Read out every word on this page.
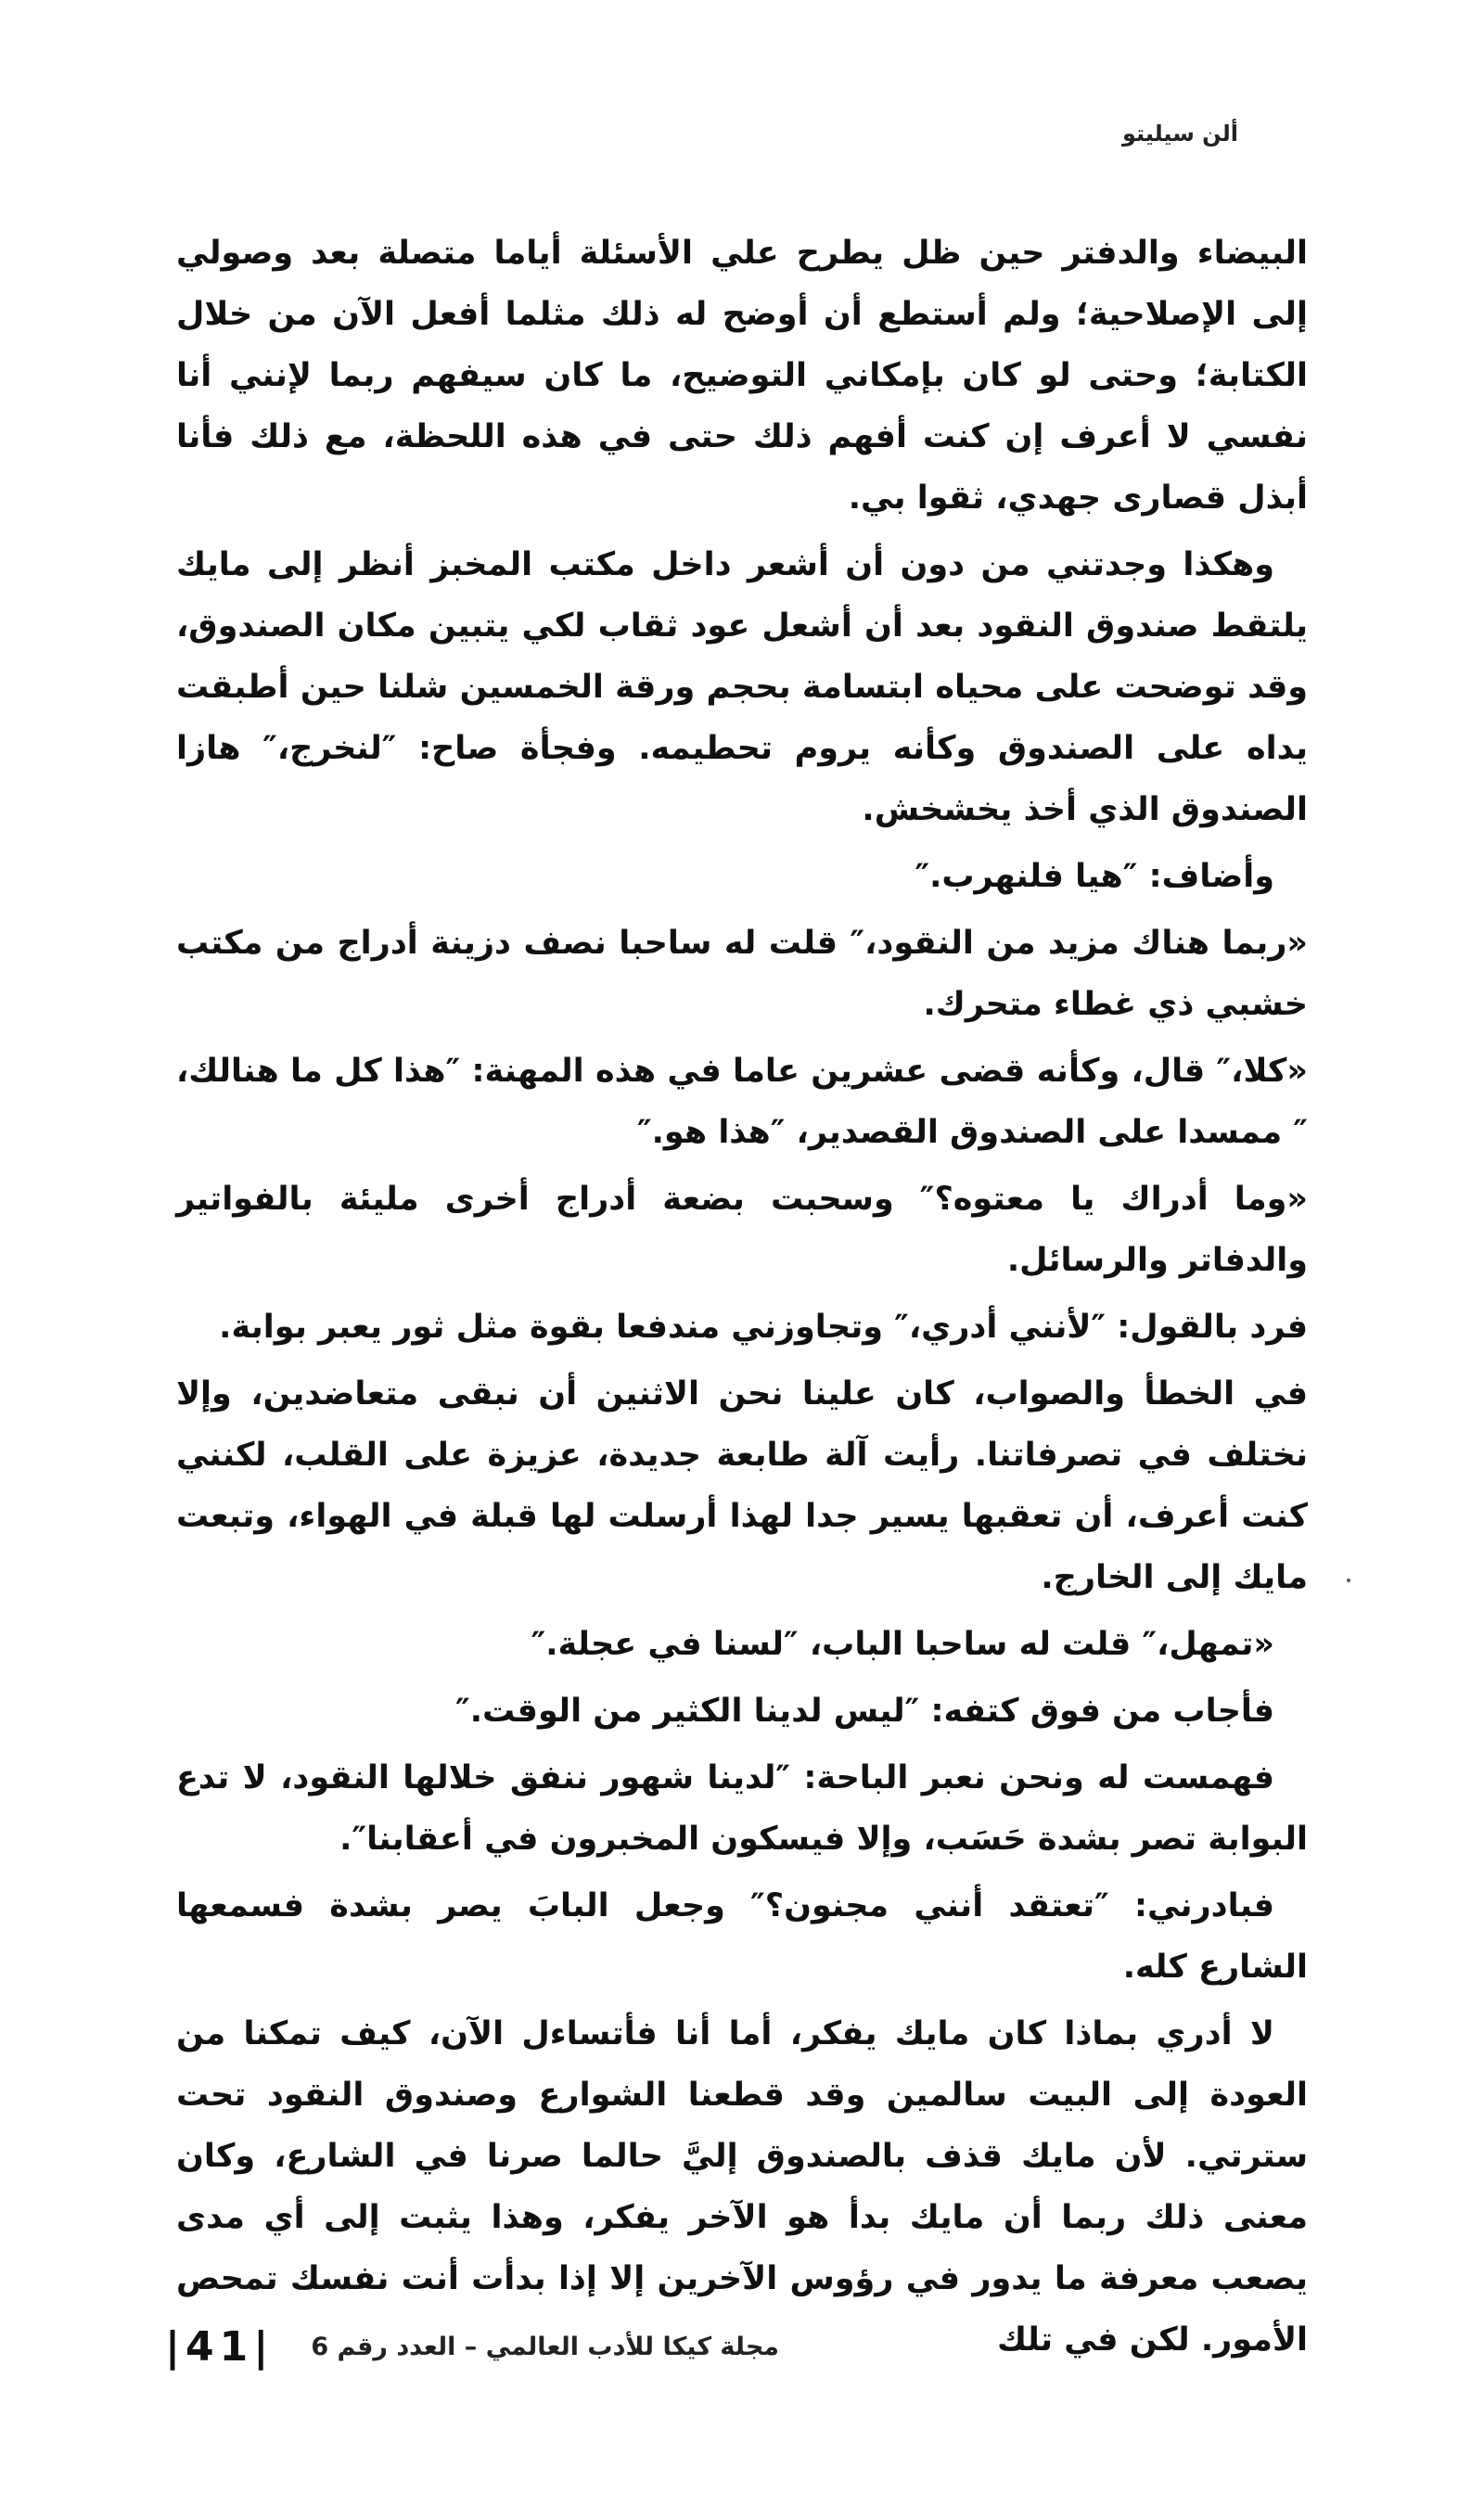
ألن سيليتو

البيضاء والدفتر حين ظل يطرح علي الأسئلة أياما متصلة بعد وصولي إلى الإصلاحية؛ ولم أستطع أن أوضح له ذلك مثلما أفعل الآن من خلال الكتابة؛ وحتى لو كان بإمكاني التوضيح، ما كان سيفهم ربما لإنني أنا نفسي لا أعرف إن كنت أفهم ذلك حتى في هذه اللحظة، مع ذلك فأنا أبذل قصارى جهدي، ثقوا بي.

وهكذا وجدتني من دون أن أشعر داخل مكتب المخبز أنظر إلى مايك يلتقط صندوق النقود بعد أن أشعل عود ثقاب لكي يتبين مكان الصندوق، وقد توضحت على محياه ابتسامة بحجم ورقة الخمسين شلنا حين أطبقت يداه على الصندوق وكأنه يروم تحطيمه. وفجأة صاح: ″لنخرج،″ هازا الصندوق الذي أخذ يخشخش.

وأضاف: ″هيا فلنهرب.″

«ربما هناك مزيد من النقود،″ قلت له ساحبا نصف دزينة أدراج من مكتب خشبي ذي غطاء متحرك.

«كلا،″ قال، وكأنه قضى عشرين عاما في هذه المهنة: ″هذا كل ما هنالك،″ ممسدا على الصندوق القصدير، ″هذا هو.″

«وما أدراك يا معتوه؟″ وسحبت بضعة أدراج أخرى مليئة بالفواتير والدفاتر والرسائل.

فرد بالقول: ″لأنني أدري،″ وتجاوزني مندفعا بقوة مثل ثور يعبر بوابة.

في الخطأ والصواب، كان علينا نحن الاثنين أن نبقى متعاضدين، وإلا نختلف في تصرفاتنا. رأيت آلة طابعة جديدة، عزيزة على القلب، لكنني كنت أعرف، أن تعقبها يسير جدا لهذا أرسلت لها قبلة في الهواء، وتبعت مايك إلى الخارج.

«تمهل،″ قلت له ساحبا الباب، ″لسنا في عجلة.″

فأجاب من فوق كتفه: ″ليس لدينا الكثير من الوقت.″

فهمست له ونحن نعبر الباحة: ″لدينا شهور ننفق خلالها النقود، لا تدع البوابة تصر بشدة حَسَب، وإلا فيسكون المخبرون في أعقابنا″.

فبادرني: ″تعتقد أنني مجنون؟″ وجعل البابَ يصر بشدة فسمعها الشارع كله.

لا أدري بماذا كان مايك يفكر، أما أنا فأتساءل الآن، كيف تمكنا من العودة إلى البيت سالمين وقد قطعنا الشوارع وصندوق النقود تحت سترتي. لأن مايك قذف بالصندوق إليَّ حالما صرنا في الشارع، وكان معنى ذلك ربما أن مايك بدأ هو الآخر يفكر، وهذا يثبت إلى أي مدى يصعب معرفة ما يدور في رؤوس الآخرين إلا إذا بدأت أنت نفسك تمحص الأمور. لكن في تلك

مجلة كيكا للأدب العالمي – العدد رقم 6
|41|
